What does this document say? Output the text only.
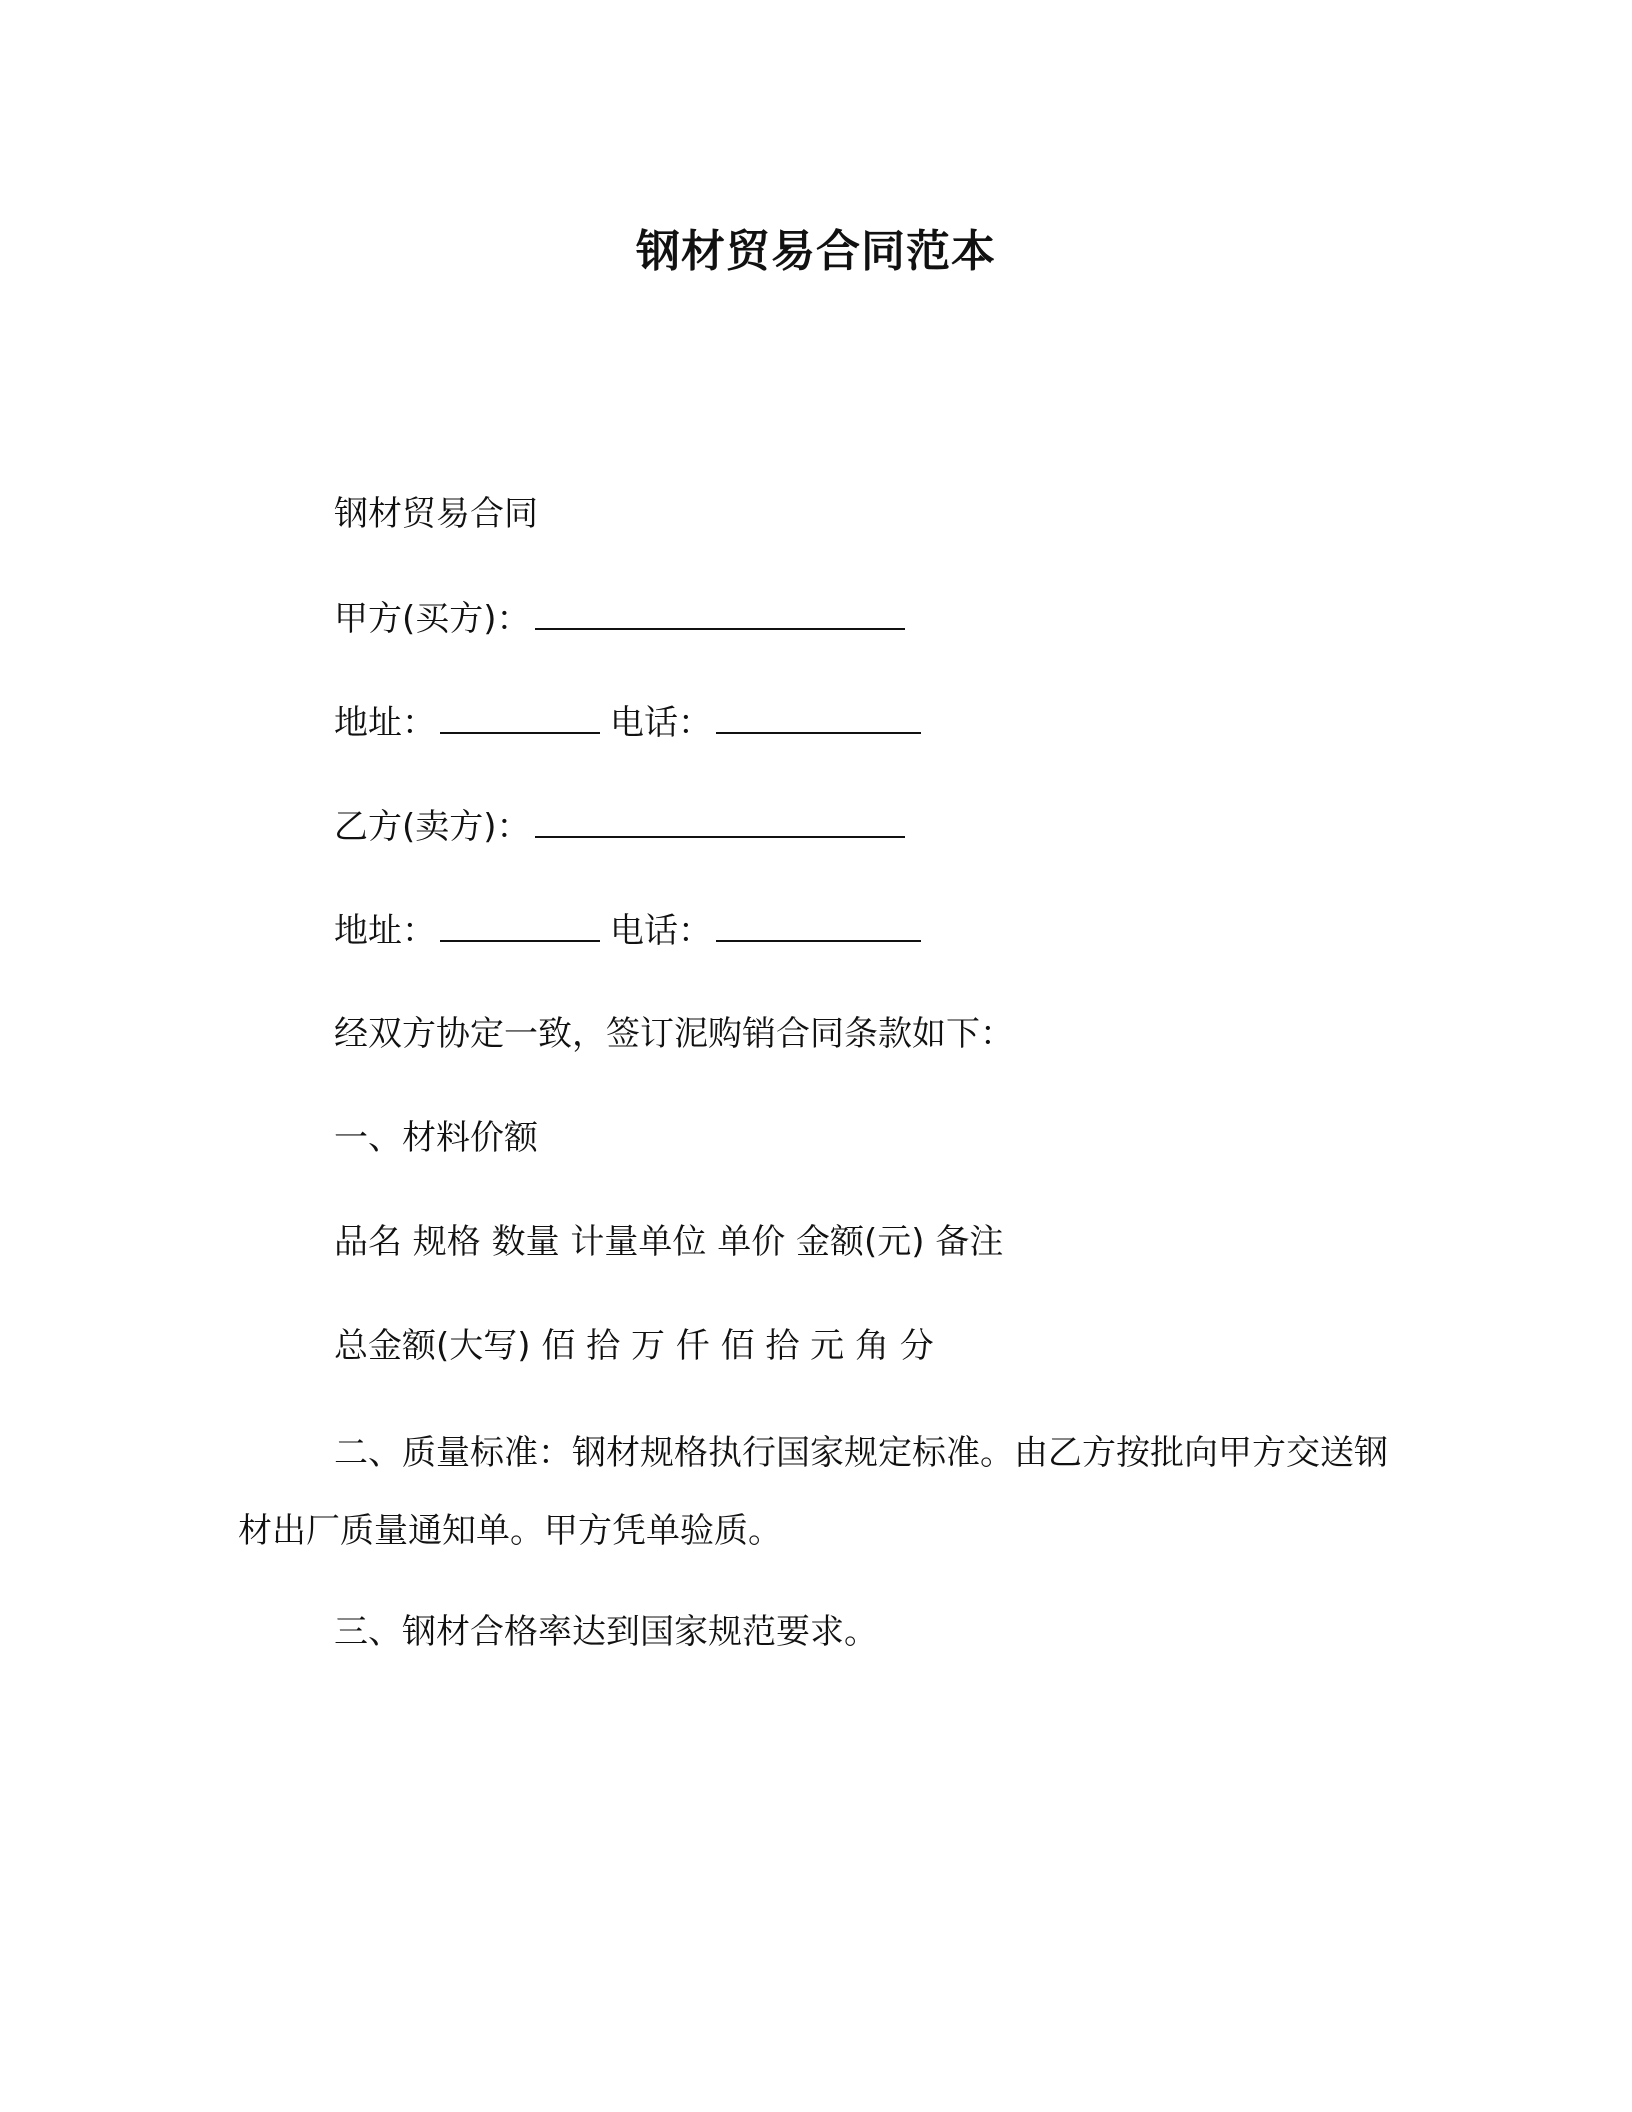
钢材贸易合同范本
钢材贸易合同
甲方(买方)：
地址：	电话：
乙方(卖方)：
地址：	电话：
经双方协定一致，签订泥购销合同条款如下：
一、材料价额
品名 规格 数量 计量单位 单价 金额(元) 备注
总金额(大写) 佰 拾 万 仟 佰 拾 元 角 分
二、质量标准：钢材规格执行国家规定标准。由乙方按批向甲方交送钢材出厂质量通知单。甲方凭单验质。
三、钢材合格率达到国家规范要求。
